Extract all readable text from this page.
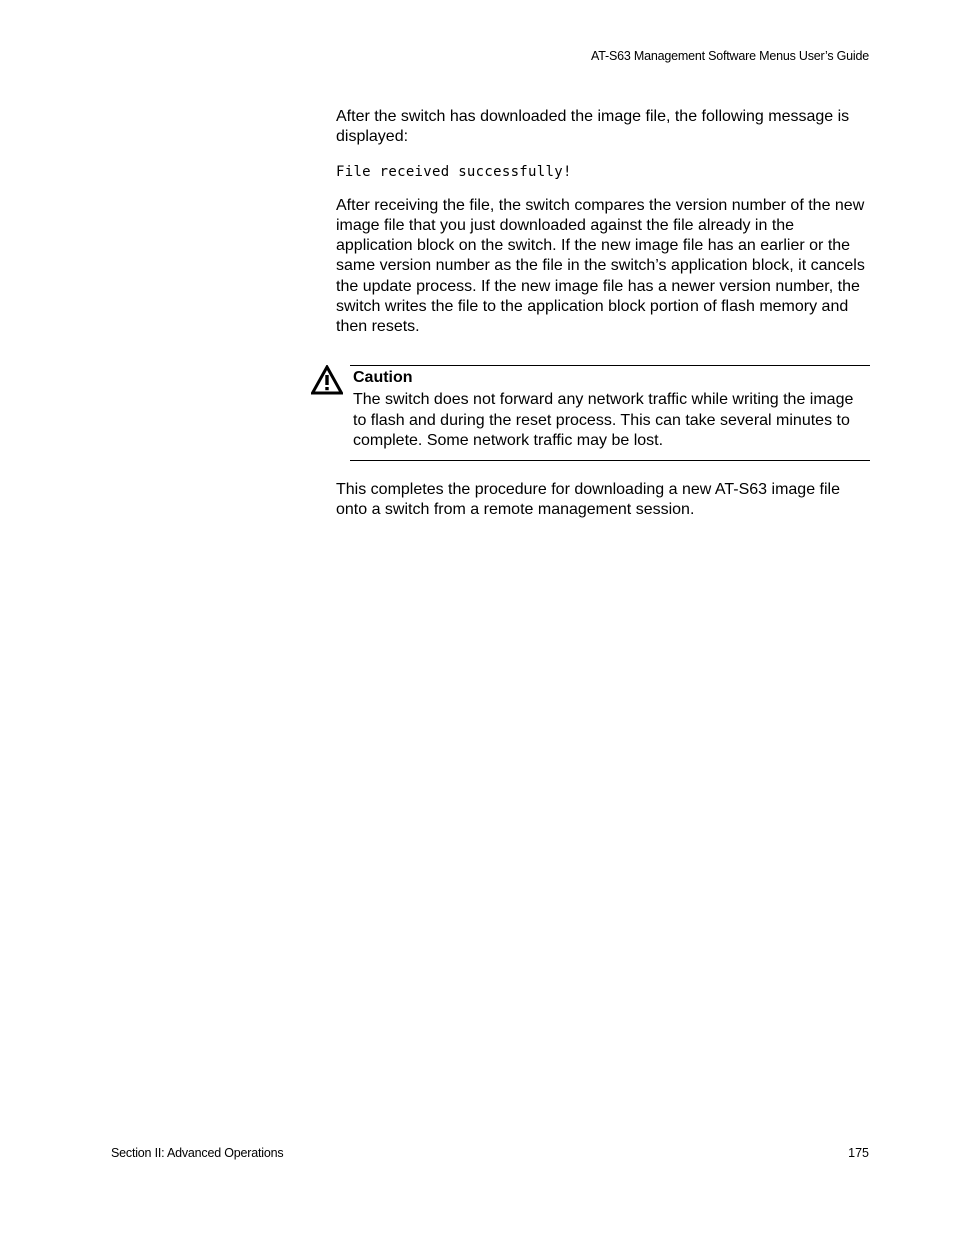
AT-S63 Management Software Menus User’s Guide

After the switch has downloaded the image file, the following message is displayed:

File received successfully!

After receiving the file, the switch compares the version number of the new image file that you just downloaded against the file already in the application block on the switch. If the new image file has an earlier or the same version number as the file in the switch’s application block, it cancels the update process. If the new image file has a newer version number, the switch writes the file to the application block portion of flash memory and then resets.

Caution
The switch does not forward any network traffic while writing the image to flash and during the reset process. This can take several minutes to complete. Some network traffic may be lost.

This completes the procedure for downloading a new AT-S63 image file onto a switch from a remote management session.

Section II: Advanced Operations	175
